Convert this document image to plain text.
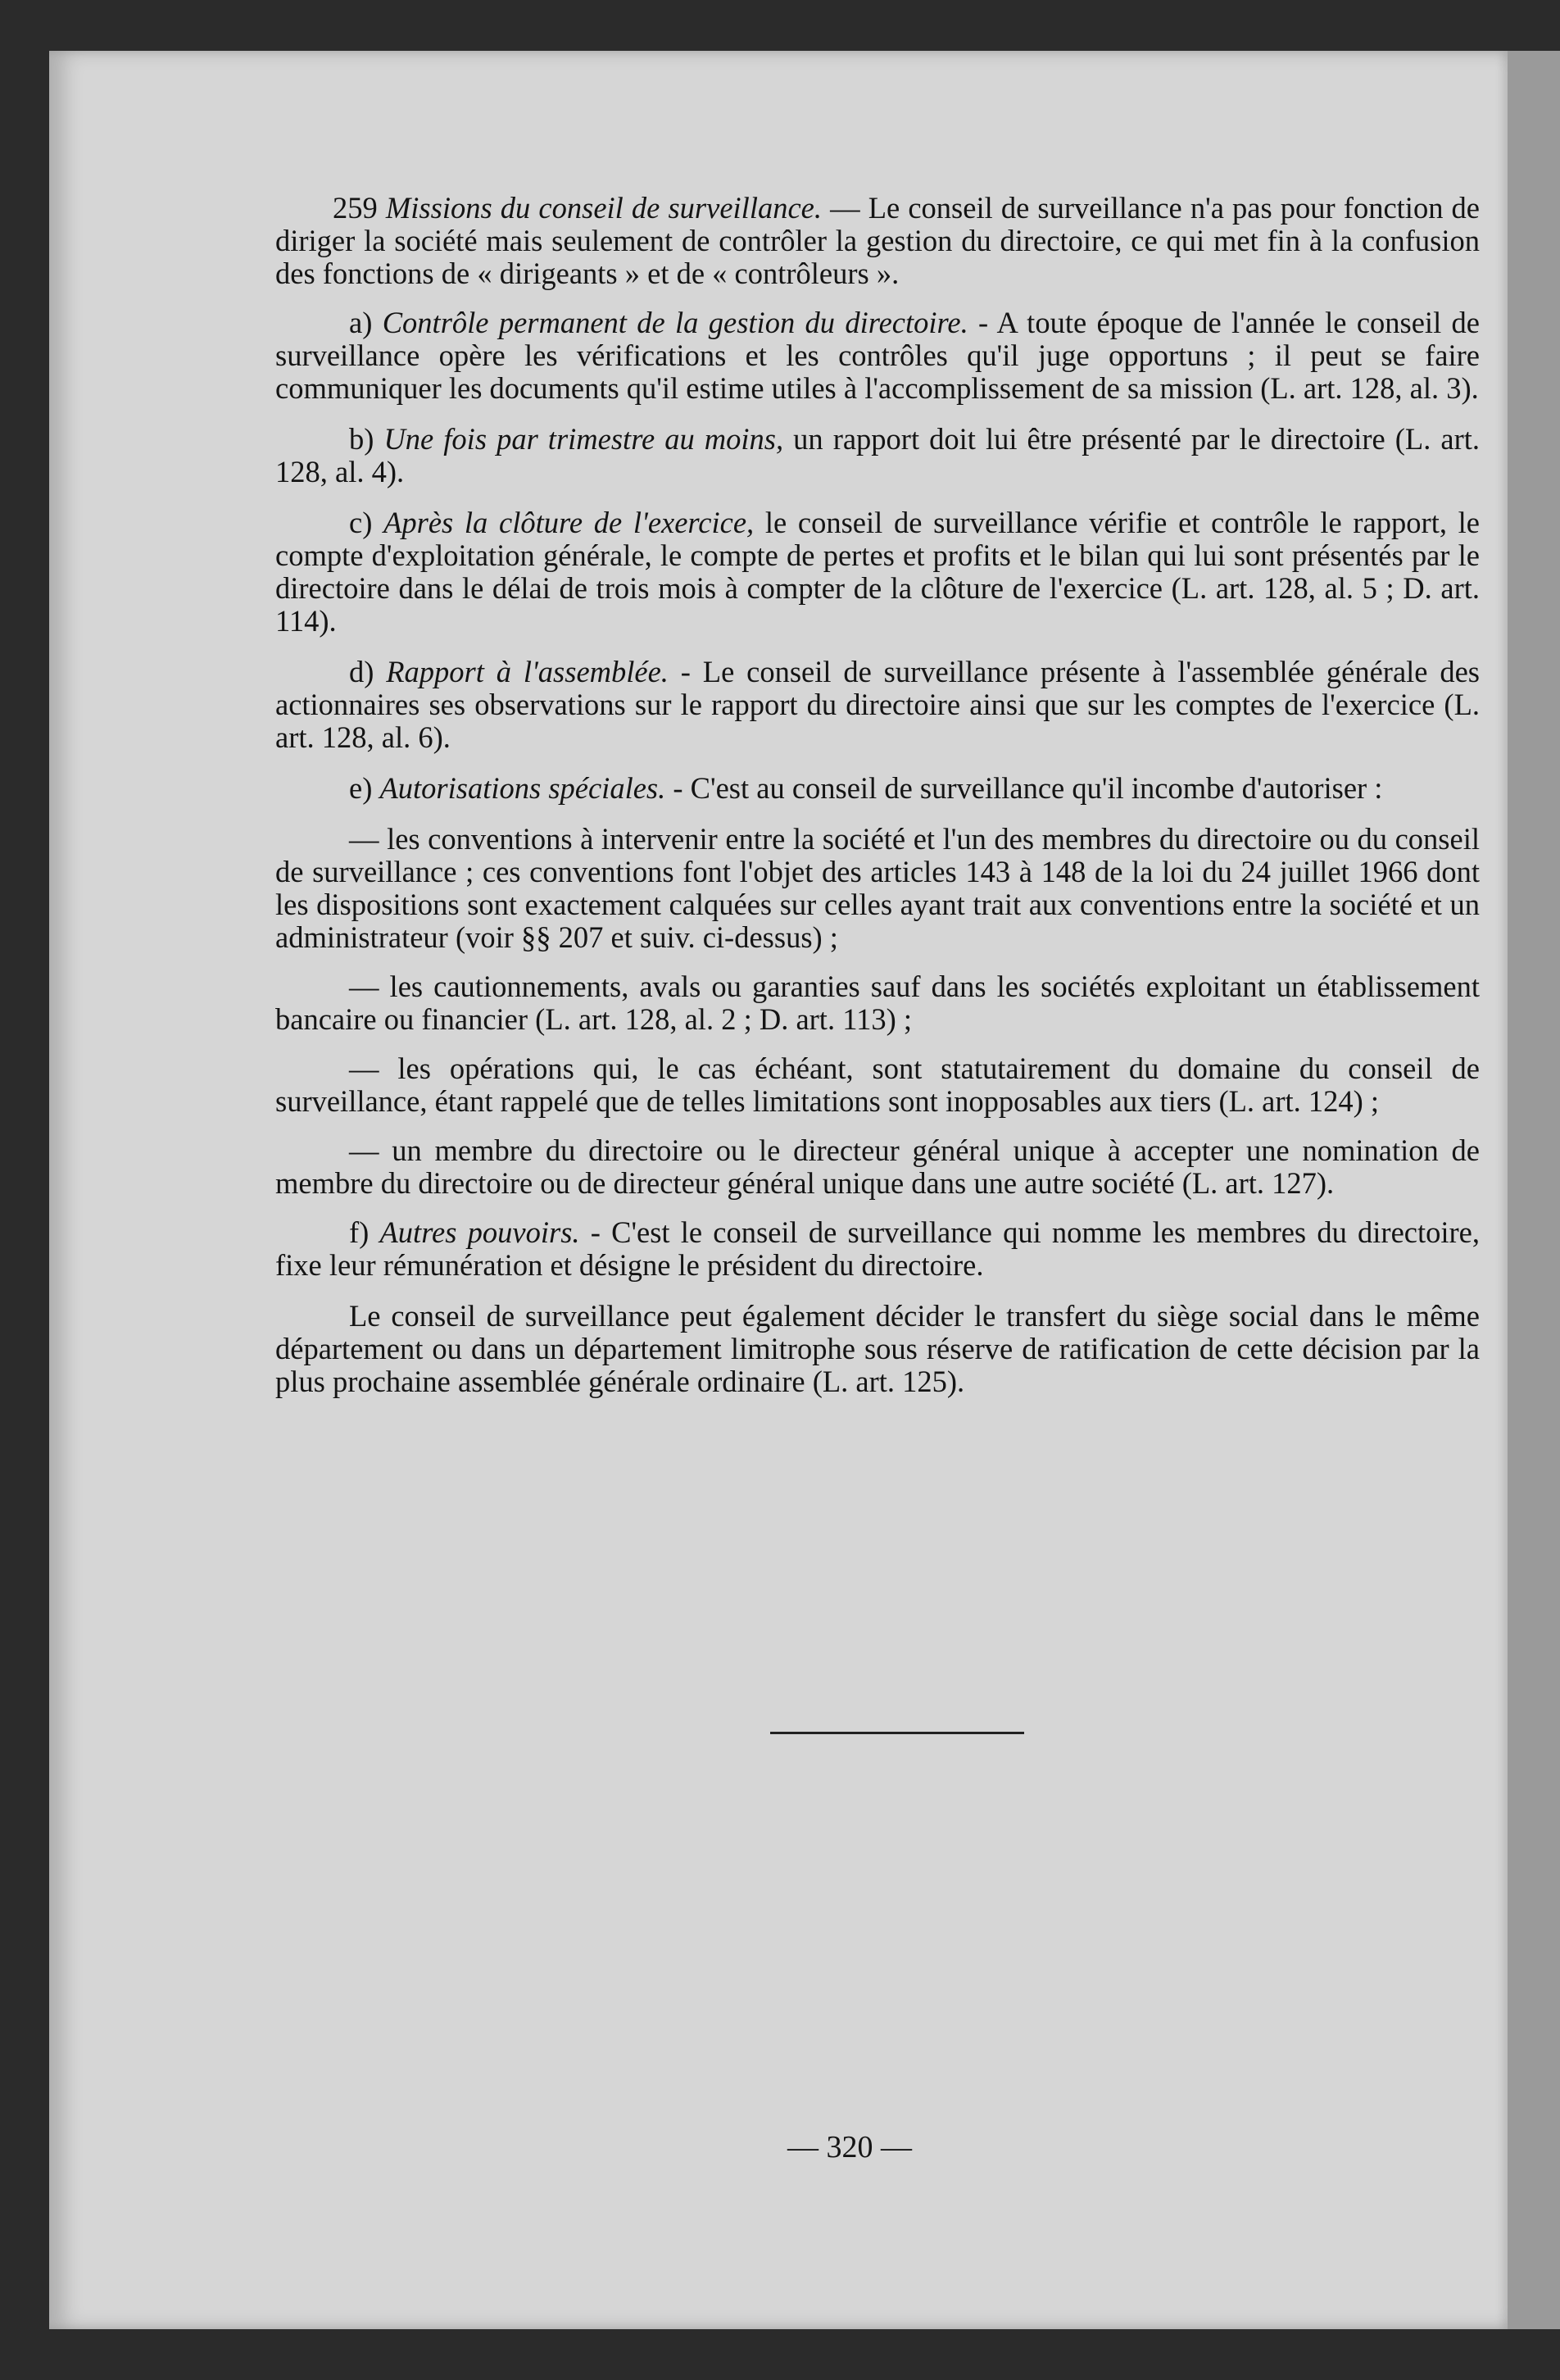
259 Missions du conseil de surveillance. — Le conseil de surveillance n'a pas pour fonction de diriger la société mais seulement de contrôler la gestion du directoire, ce qui met fin à la confusion des fonctions de « dirigeants » et de « contrôleurs ».

a) Contrôle permanent de la gestion du directoire. - A toute époque de l'année le conseil de surveillance opère les vérifications et les contrôles qu'il juge opportuns ; il peut se faire communiquer les documents qu'il estime utiles à l'accomplissement de sa mission (L. art. 128, al. 3).

b) Une fois par trimestre au moins, un rapport doit lui être présenté par le directoire (L. art. 128, al. 4).

c) Après la clôture de l'exercice, le conseil de surveillance vérifie et contrôle le rapport, le compte d'exploitation générale, le compte de pertes et profits et le bilan qui lui sont présentés par le directoire dans le délai de trois mois à compter de la clôture de l'exercice (L. art. 128, al. 5 ; D. art. 114).

d) Rapport à l'assemblée. - Le conseil de surveillance présente à l'assemblée générale des actionnaires ses observations sur le rapport du directoire ainsi que sur les comptes de l'exercice (L. art. 128, al. 6).

e) Autorisations spéciales. - C'est au conseil de surveillance qu'il incombe d'autoriser :

— les conventions à intervenir entre la société et l'un des membres du directoire ou du conseil de surveillance ; ces conventions font l'objet des articles 143 à 148 de la loi du 24 juillet 1966 dont les dispositions sont exactement calquées sur celles ayant trait aux conventions entre la société et un administrateur (voir §§ 207 et suiv. ci-dessus) ;

— les cautionnements, avals ou garanties sauf dans les sociétés exploitant un établissement bancaire ou financier (L. art. 128, al. 2 ; D. art. 113) ;

— les opérations qui, le cas échéant, sont statutairement du domaine du conseil de surveillance, étant rappelé que de telles limitations sont inopposables aux tiers (L. art. 124) ;

— un membre du directoire ou le directeur général unique à accepter une nomination de membre du directoire ou de directeur général unique dans une autre société (L. art. 127).

f) Autres pouvoirs. - C'est le conseil de surveillance qui nomme les membres du directoire, fixe leur rémunération et désigne le président du directoire.

Le conseil de surveillance peut également décider le transfert du siège social dans le même département ou dans un département limitrophe sous réserve de ratification de cette décision par la plus prochaine assemblée générale ordinaire (L. art. 125).

— 320 —
